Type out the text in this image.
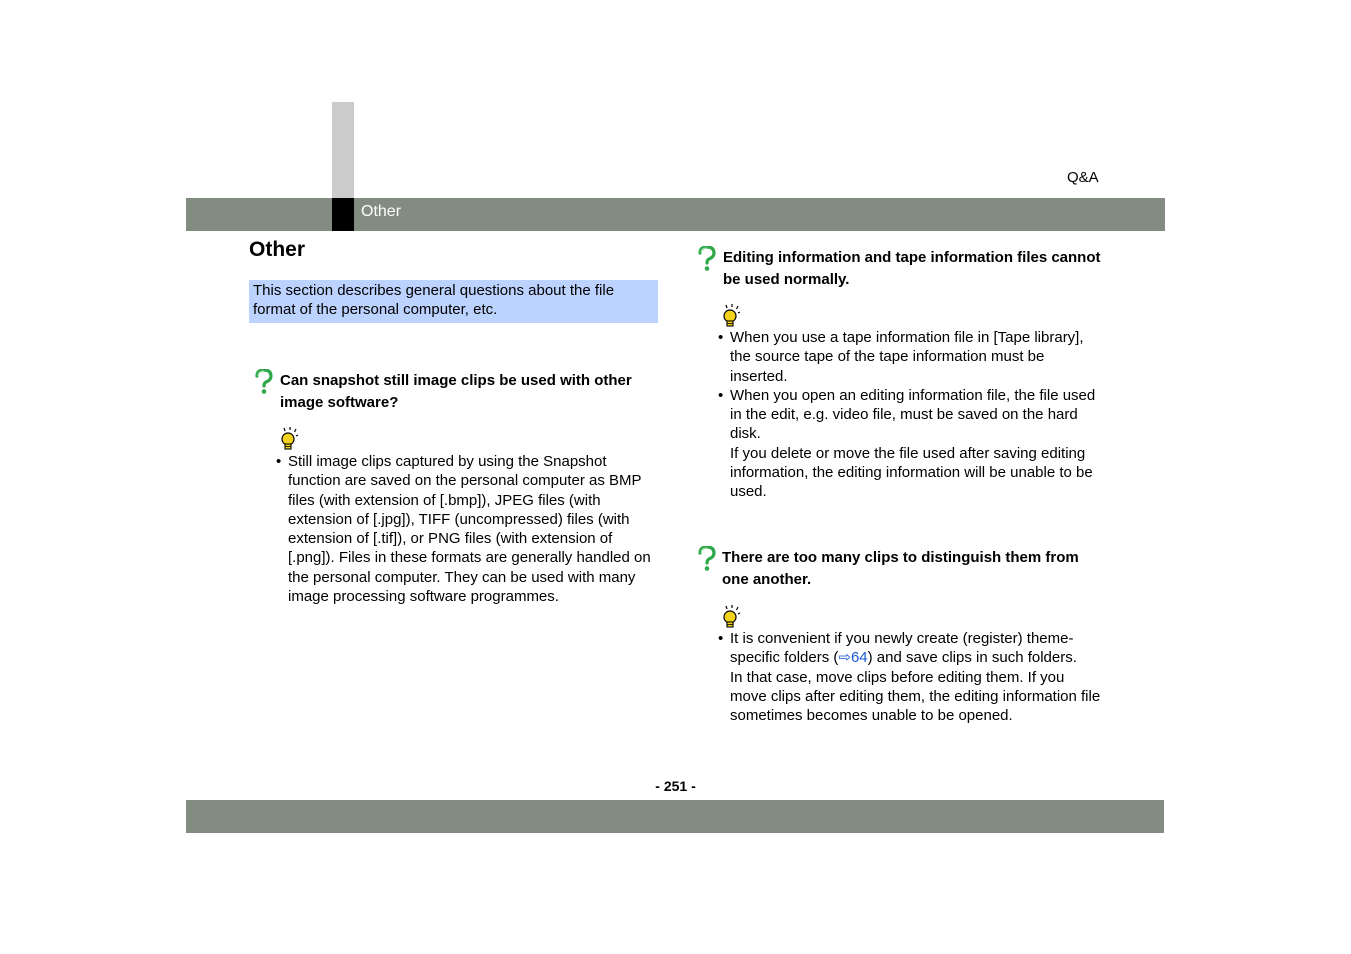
Other
Q&A
Other
This section describes general questions about the file format of the personal computer, etc.
Can snapshot still image clips be used with other image software?
• Still image clips captured by using the Snapshot function are saved on the personal computer as BMP files (with extension of [.bmp]), JPEG files (with extension of [.jpg]), TIFF (uncompressed) files (with extension of [.tif]), or PNG files (with extension of [.png]). Files in these formats are generally handled on the personal computer. They can be used with many image processing software programmes.
Editing information and tape information files cannot be used normally.
• When you use a tape information file in [Tape library], the source tape of the tape information must be inserted.
• When you open an editing information file, the file used in the edit, e.g. video file, must be saved on the hard disk.
If you delete or move the file used after saving editing information, the editing information will be unable to be used.
There are too many clips to distinguish them from one another.
• It is convenient if you newly create (register) theme-specific folders (⇨64) and save clips in such folders.
In that case, move clips before editing them. If you move clips after editing them, the editing information file sometimes becomes unable to be opened.
- 251 -
